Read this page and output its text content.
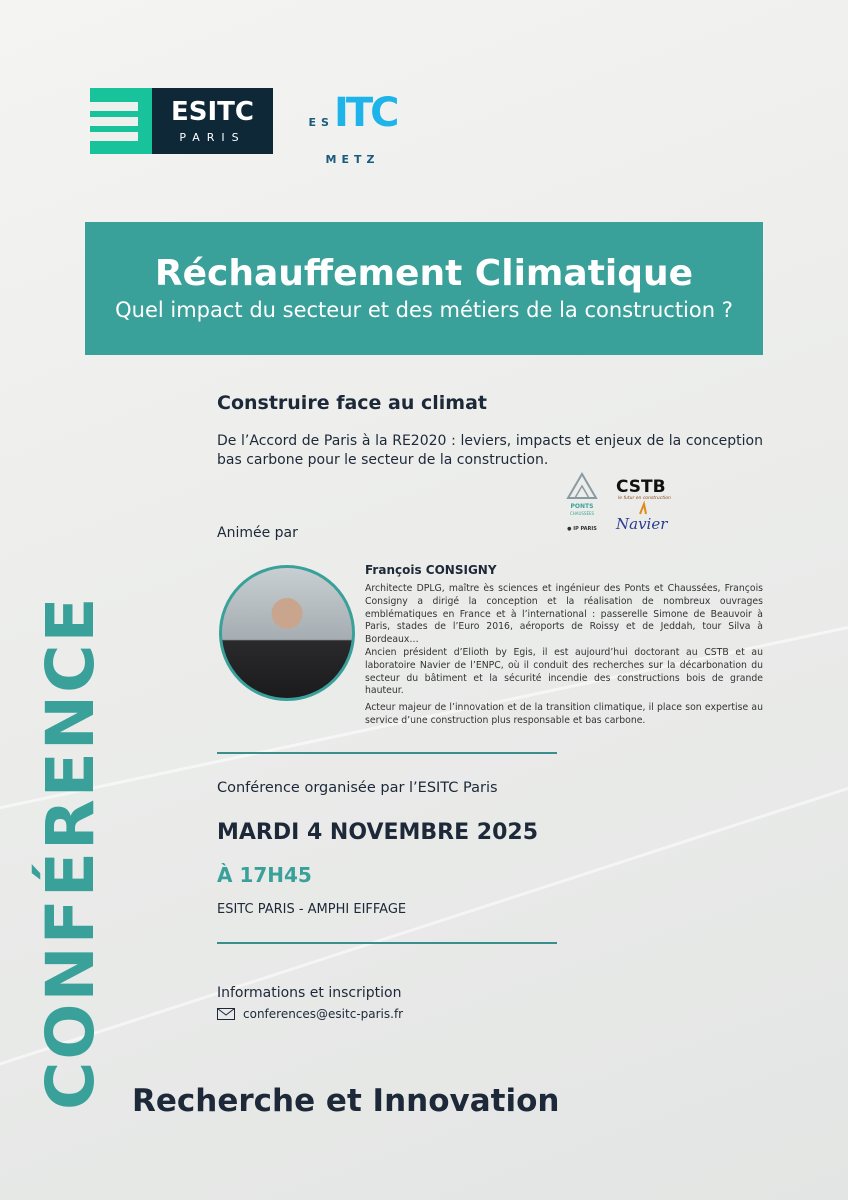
ESITC
PARIS
ESITC
METZ
Réchauffement Climatique
Quel impact du secteur et des métiers de la construction ?
Construire face au climat
De l’Accord de Paris à la RE2020 : leviers, impacts et enjeux de la conception bas carbone pour le secteur de la construction.
PONTS
CHAUSSÉES
● IP PARIS
CSTB
le futur en construction
Navier
Animée par
François CONSIGNY

Architecte DPLG, maître ès sciences et ingénieur des Ponts et Chaussées, François Consigny a dirigé la conception et la réalisation de nombreux ouvrages emblématiques en France et à l’international : passerelle Simone de Beauvoir à Paris, stades de l’Euro 2016, aéroports de Roissy et de Jeddah, tour Silva à Bordeaux…

Ancien président d’Elioth by Egis, il est aujourd’hui doctorant au CSTB et au laboratoire Navier de l’ENPC, où il conduit des recherches sur la décarbonation du secteur du bâtiment et la sécurité incendie des constructions bois de grande hauteur.

Acteur majeur de l’innovation et de la transition climatique, il place son expertise au service d’une construction plus responsable et bas carbone.

Conférence organisée par l’ESITC Paris
MARDI 4 NOVEMBRE 2025
À 17H45
ESITC PARIS - AMPHI EIFFAGE
Informations et inscription
conferences@esitc-paris.fr
CONFÉRENCE Recherche et Innovation
